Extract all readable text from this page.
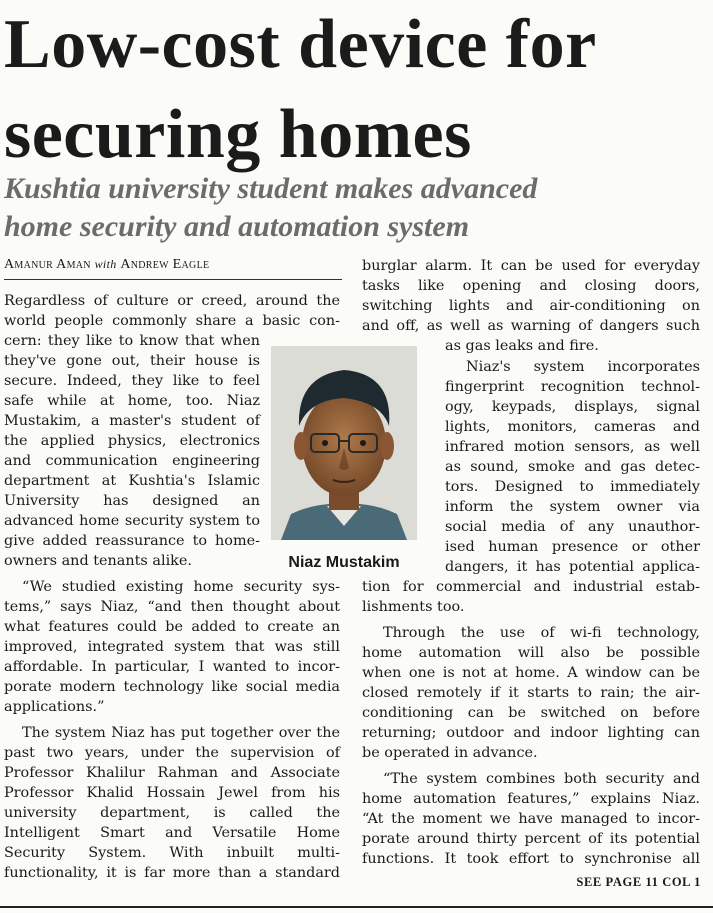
Low-cost device for
securing homes
Kushtia university student makes advanced
home security and automation system
Amanur Aman with Andrew Eagle
Regardless of culture or creed, around the
world people commonly share a basic con-
cern: they like to know that when
they've gone out, their house is
secure. Indeed, they like to feel
safe while at home, too. Niaz
Mustakim, a master's student of
the applied physics, electronics
and communication engineering
department at Kushtia's Islamic
University has designed an
advanced home security system to
give added reassurance to home-
owners and tenants alike.
“We studied existing home security sys-
tems,” says Niaz, “and then thought about
what features could be added to create an
improved, integrated system that was still
affordable. In particular, I wanted to incor-
porate modern technology like social media
applications.”
The system Niaz has put together over the
past two years, under the supervision of
Professor Khalilur Rahman and Associate
Professor Khalid Hossain Jewel from his
university department, is called the
Intelligent Smart and Versatile Home
Security System. With inbuilt multi-
functionality, it is far more than a standard
Niaz Mustakim
burglar alarm. It can be used for everyday
tasks like opening and closing doors,
switching lights and air-conditioning on
and off, as well as warning of dangers such
as gas leaks and fire.
Niaz's system incorporates
fingerprint recognition technol-
ogy, keypads, displays, signal
lights, monitors, cameras and
infrared motion sensors, as well
as sound, smoke and gas detec-
tors. Designed to immediately
inform the system owner via
social media of any unauthor-
ised human presence or other
dangers, it has potential applica-
tion for commercial and industrial estab-
lishments too.
Through the use of wi-fi technology,
home automation will also be possible
when one is not at home. A window can be
closed remotely if it starts to rain; the air-
conditioning can be switched on before
returning; outdoor and indoor lighting can
be operated in advance.
“The system combines both security and
home automation features,” explains Niaz.
“At the moment we have managed to incor-
porate around thirty percent of its potential
functions. It took effort to synchronise all
SEE PAGE 11 COL 1
